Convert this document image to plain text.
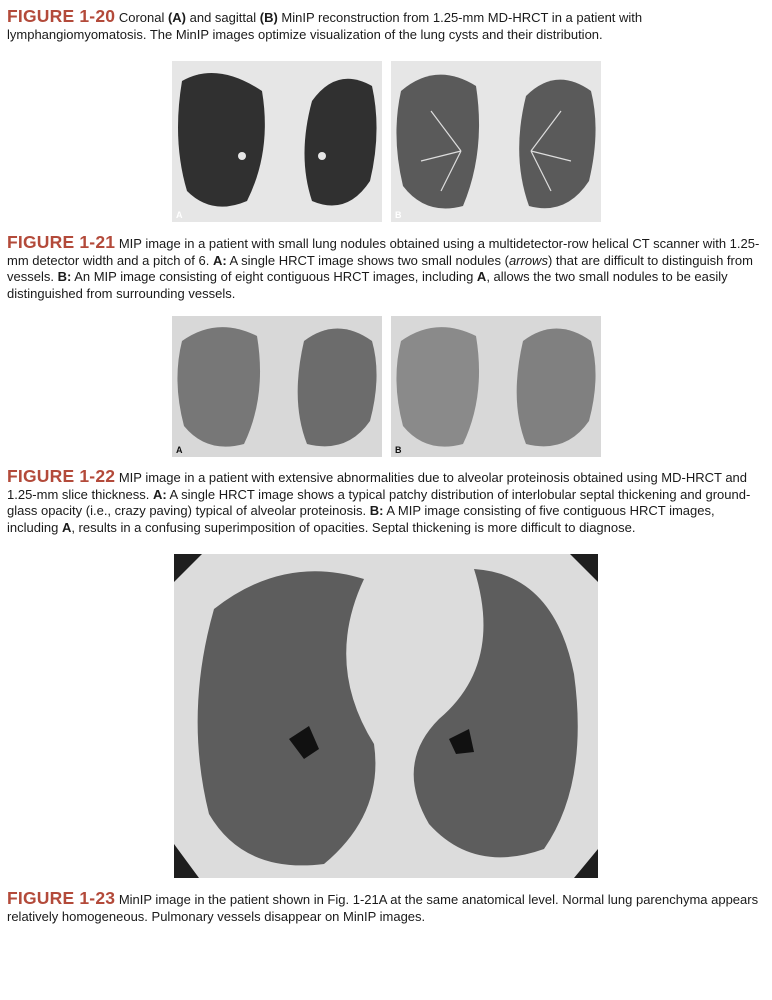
FIGURE 1-20 Coronal (A) and sagittal (B) MinIP reconstruction from 1.25-mm MD-HRCT in a patient with lymphangiomyomatosis. The MinIP images optimize visualization of the lung cysts and their distribution.

A	B

FIGURE 1-21 MIP image in a patient with small lung nodules obtained using a multidetector-row helical CT scanner with 1.25-mm detector width and a pitch of 6. A: A single HRCT image shows two small nodules (arrows) that are difficult to distinguish from vessels. B: An MIP image consisting of eight contiguous HRCT images, including A, allows the two small nodules to be easily distinguished from surrounding vessels.

A	B

FIGURE 1-22 MIP image in a patient with extensive abnormalities due to alveolar proteinosis obtained using MD-HRCT and 1.25-mm slice thickness. A: A single HRCT image shows a typical patchy distribution of interlobular septal thickening and ground-glass opacity (i.e., crazy paving) typical of alveolar proteinosis. B: A MIP image consisting of five contiguous HRCT images, including A, results in a confusing superimposition of opacities. Septal thickening is more difficult to diagnose.

FIGURE 1-23 MinIP image in the patient shown in Fig. 1-21A at the same anatomical level. Normal lung parenchyma appears relatively homogeneous. Pulmonary vessels disappear on MinIP images.
